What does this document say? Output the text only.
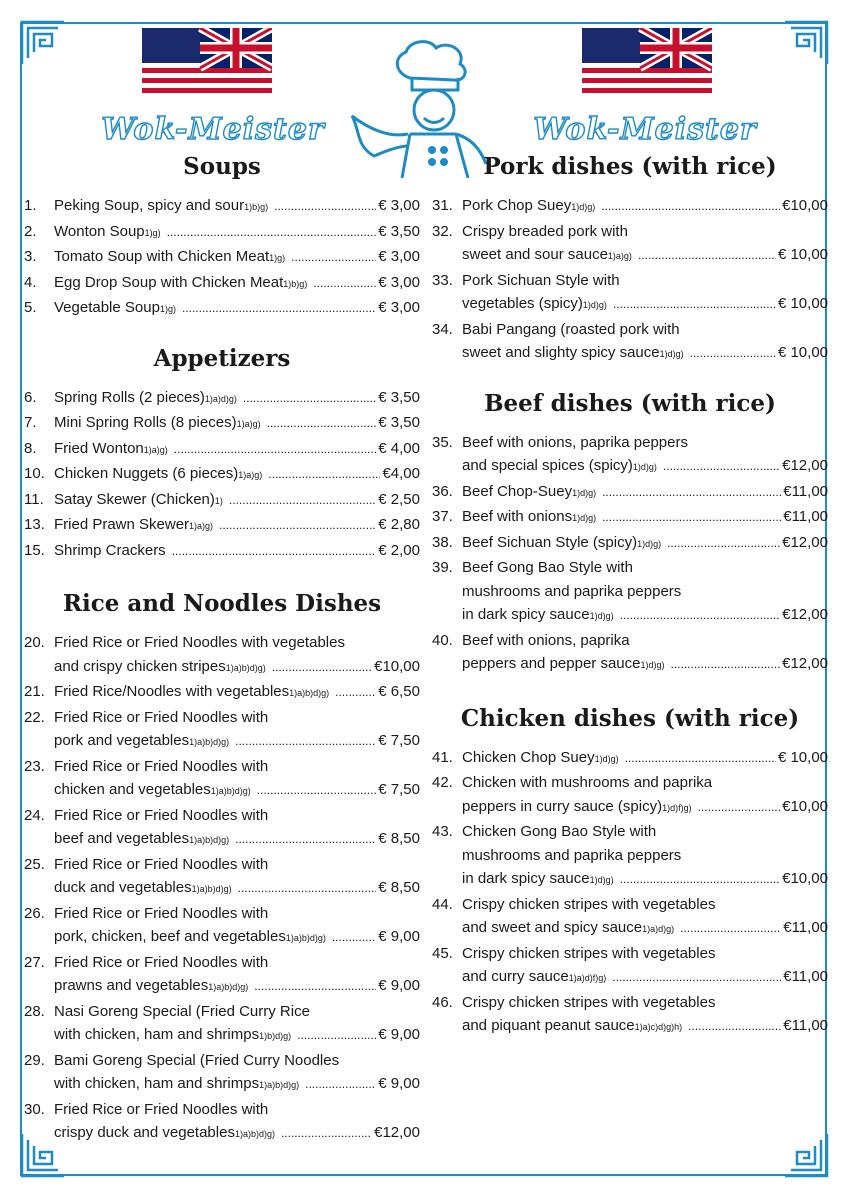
Wok-Meister	Wok-Meister
Soups
1.	Peking Soup, spicy and sour 1)b)g) .....	€ 3,00
2.	Wonton Soup 1)g) .....	€ 3,50
3.	Tomato Soup with Chicken Meat 1)g) .....	€ 3,00
4.	Egg Drop Soup with Chicken Meat 1)b)g) .....	€ 3,00
5.	Vegetable Soup 1)g) .....	€ 3,00
Appetizers
6.	Spring Rolls (2 pieces) 1)a)d)g) .....	€ 3,50
7.	Mini Spring Rolls (8 pieces) 1)a)g) .....	€ 3,50
8.	Fried Wonton 1)a)g) .....	€ 4,00
10. Chicken Nuggets (6 pieces) 1)a)g) .....	€4,00
11. Satay Skewer (Chicken) 1) .....	€ 2,50
13. Fried Prawn Skewer 1)a)g) .....	€ 2,80
15. Shrimp Crackers .....	€ 2,00
Rice and Noodles Dishes
20. Fried Rice or Fried Noodles with vegetables
and crispy chicken stripes 1)a)b)d)g) .....	€10,00
21. Fried Rice/Noodles with vegetables 1)a)b)d)g) .....	€ 6,50
22. Fried Rice or Fried Noodles with
pork and vegetables 1)a)b)d)g) .....	€ 7,50
23. Fried Rice or Fried Noodles with
chicken and vegetables 1)a)b)d)g) .....	€ 7,50
24. Fried Rice or Fried Noodles with
beef and vegetables 1)a)b)d)g) .....	€ 8,50
25. Fried Rice or Fried Noodles with
duck and vegetables 1)a)b)d)g) .....	€ 8,50
26. Fried Rice or Fried Noodles with
pork, chicken, beef and vegetables 1)a)b)d)g) .....	€ 9,00
27. Fried Rice or Fried Noodles with
prawns and vegetables 1)a)b)d)g) .....	€ 9,00
28. Nasi Goreng Special (Fried Curry Rice
with chicken, ham and shrimps 1)b)d)g) .....	€ 9,00
29. Bami Goreng Special (Fried Curry Noodles
with chicken, ham and shrimps 1)a)b)d)g) .....	€ 9,00
30. Fried Rice or Fried Noodles with
crispy duck and vegetables 1)a)b)d)g) .....	€12,00
Pork dishes (with rice)
31. Pork Chop Suey 1)d)g) .....	€10,00
32. Crispy breaded pork with
sweet and sour sauce 1)a)g) .....	€ 10,00
33. Pork Sichuan Style with
vegetables (spicy) 1)d)g) .....	€ 10,00
34. Babi Pangang (roasted pork with
sweet and slighty spicy sauce 1)d)g) .....	€ 10,00
Beef dishes (with rice)
35. Beef with onions, paprika peppers
and special spices (spicy) 1)d)g) .....	€12,00
36. Beef Chop-Suey 1)d)g) .....	€11,00
37. Beef with onions 1)d)g) .....	€11,00
38. Beef Sichuan Style (spicy) 1)d)g) .....	€12,00
39. Beef Gong Bao Style with
mushrooms and paprika peppers
in dark spicy sauce 1)d)g) .....	€12,00
40. Beef with onions, paprika
peppers and pepper sauce 1)d)g) .....	€12,00
Chicken dishes (with rice)
41. Chicken Chop Suey 1)d)g) .....	€ 10,00
42. Chicken with mushrooms and paprika
peppers in curry sauce (spicy) 1)d)f)g) .....	€10,00
43. Chicken Gong Bao Style with
mushrooms and paprika peppers
in dark spicy sauce 1)d)g) .....	€10,00
44. Crispy chicken stripes with vegetables
and sweet and spicy sauce 1)a)d)g) .....	€11,00
45. Crispy chicken stripes with vegetables
and curry sauce 1)a)d)f)g) .....	€11,00
46. Crispy chicken stripes with vegetables
and piquant peanut sauce 1)a)c)d)g)h) .....	€11,00
